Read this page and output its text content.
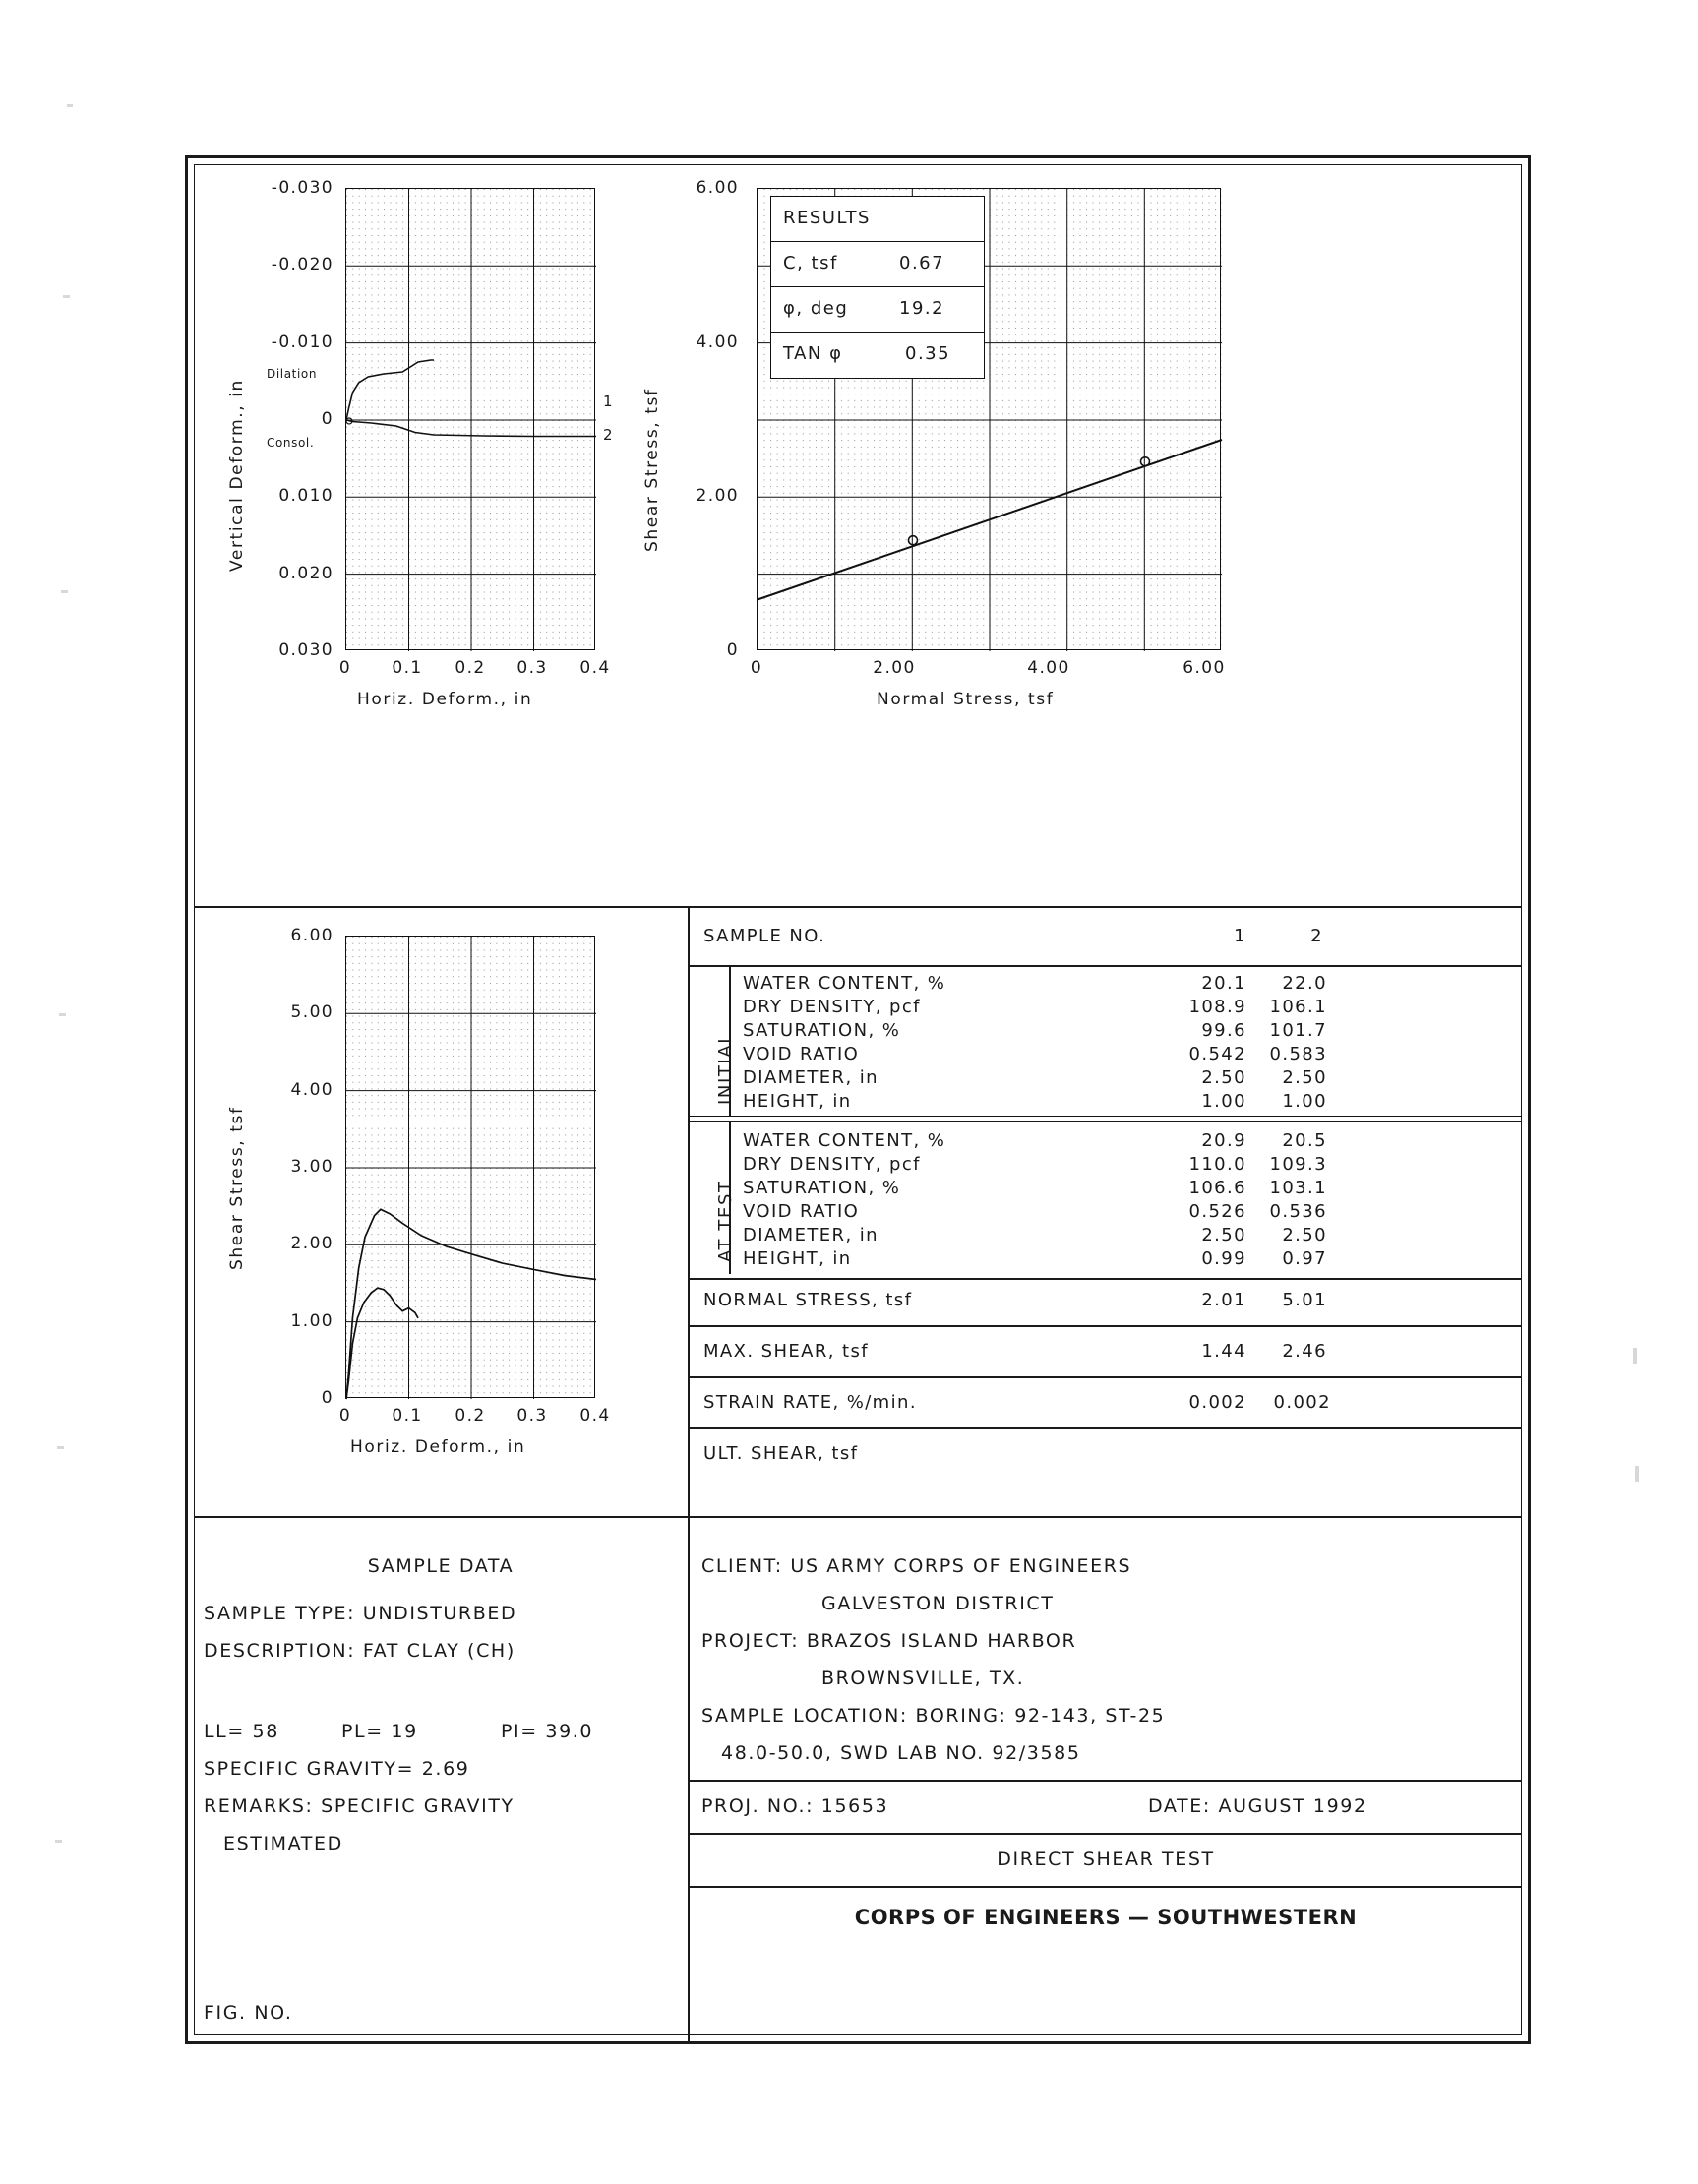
Vertical Deform., in
Horiz. Deform., in
Dilation
Consol.
1
2
-0.030
-0.020
-0.010
0
0.010
0.020
0.030
0	0.1 0.2 0.3 0.4
Shear Stress, tsf
Normal Stress, tsf
6.00
4.00
2.00
0
0	2.00	4.00	6.00
RESULTS
C, tsf	0.67
φ, deg	19.2
TAN φ	0.35
Shear Stress, tsf
Horiz. Deform., in
6.00
5.00
4.00
3.00
2.00
1.00
0
0	0.1 0.2 0.3 0.4
SAMPLE NO.	1	2
INITIAL
WATER CONTENT, %	20.1	22.0
DRY DENSITY, pcf	108.9	106.1
SATURATION, %	99.6	101.7
VOID RATIO	0.542	0.583
DIAMETER, in	2.50	2.50
HEIGHT, in	1.00	1.00
AT TEST
WATER CONTENT, %	20.9	20.5
DRY DENSITY, pcf	110.0	109.3
SATURATION, %	106.6	103.1
VOID RATIO	0.526	0.536
DIAMETER, in	2.50	2.50
HEIGHT, in	0.99	0.97
NORMAL STRESS, tsf	2.01	5.01
MAX. SHEAR, tsf	1.44	2.46
STRAIN RATE, %/min.	0.002	0.002
ULT. SHEAR, tsf
SAMPLE DATA
SAMPLE TYPE: UNDISTURBED
DESCRIPTION: FAT CLAY (CH)
LL= 58	PL= 19	PI= 39.0
SPECIFIC GRAVITY= 2.69
REMARKS: SPECIFIC GRAVITY
ESTIMATED
FIG. NO.
CLIENT: US ARMY CORPS OF ENGINEERS
GALVESTON DISTRICT
PROJECT: BRAZOS ISLAND HARBOR
BROWNSVILLE, TX.
SAMPLE LOCATION: BORING: 92-143, ST-25
48.0-50.0, SWD LAB NO. 92/3585
PROJ. NO.: 15653	DATE: AUGUST 1992
DIRECT SHEAR TEST
CORPS OF ENGINEERS — SOUTHWESTERN
